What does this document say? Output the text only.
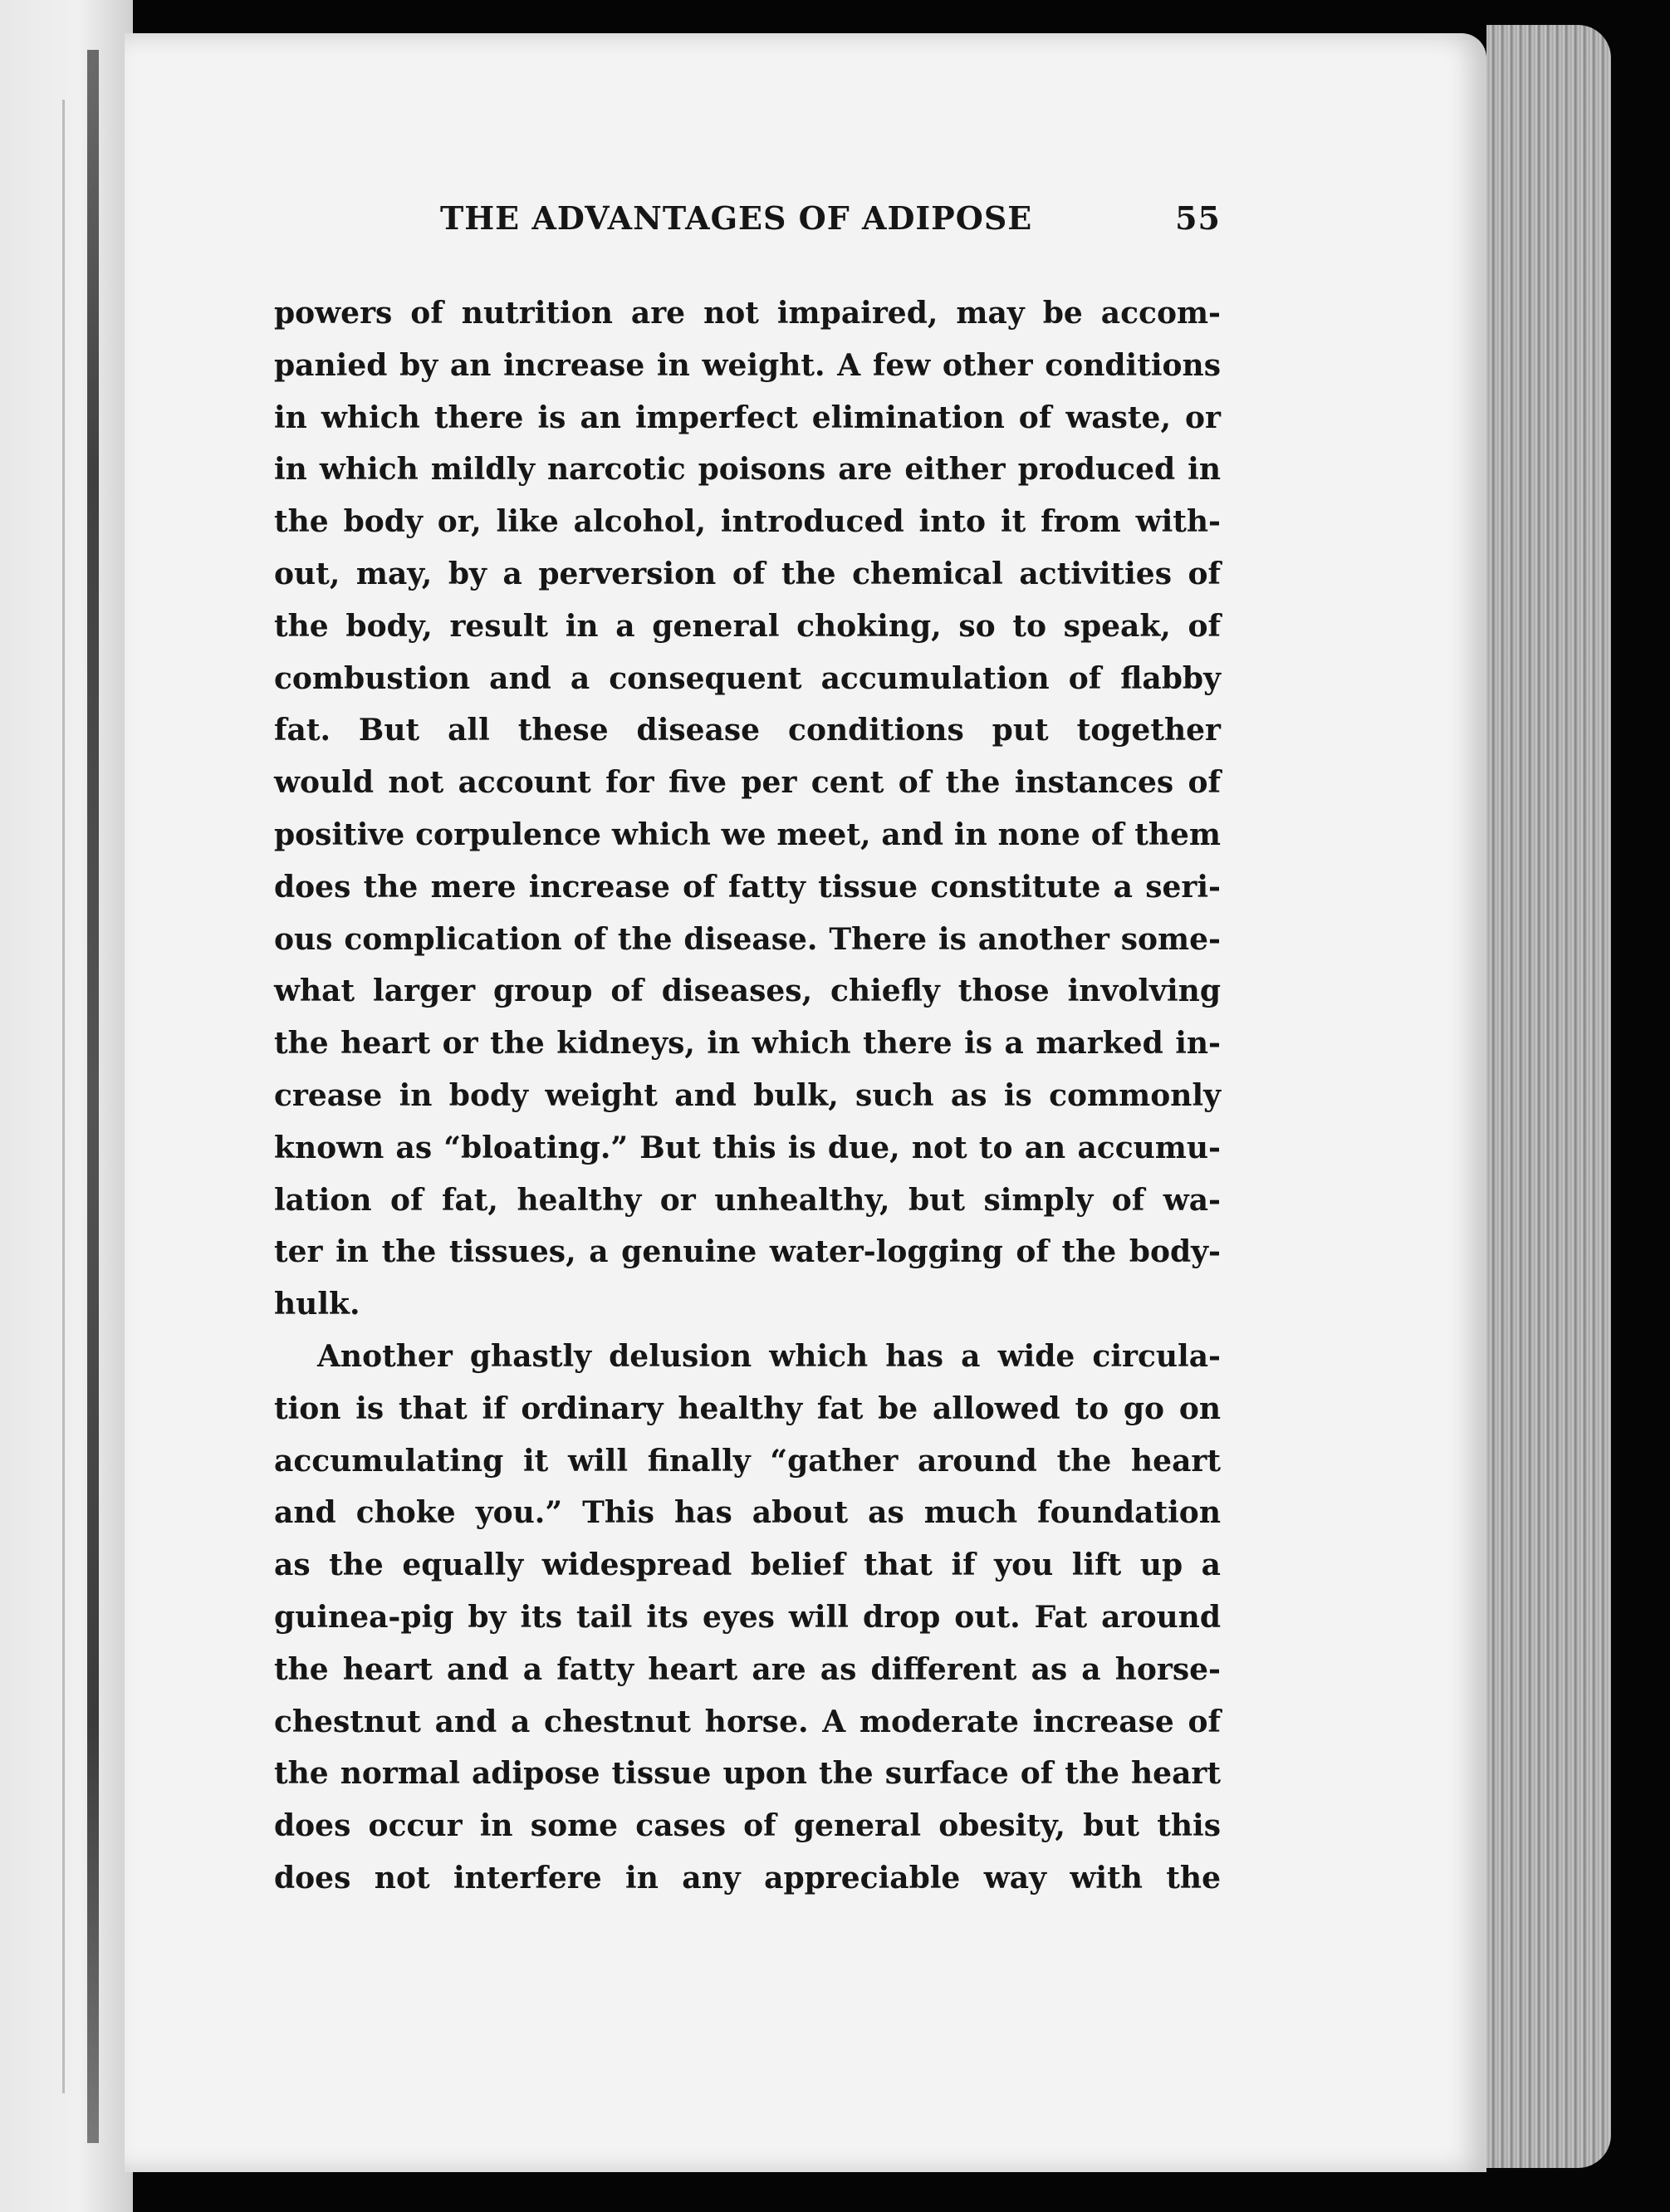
THE ADVANTAGES OF ADIPOSE	55
powers of nutrition are not impaired, may be accom-
panied by an increase in weight. A few other conditions
in which there is an imperfect elimination of waste, or
in which mildly narcotic poisons are either produced in
the body or, like alcohol, introduced into it from with-
out, may, by a perversion of the chemical activities of
the body, result in a general choking, so to speak, of
combustion and a consequent accumulation of flabby
fat. But all these disease conditions put together
would not account for five per cent of the instances of
positive corpulence which we meet, and in none of them
does the mere increase of fatty tissue constitute a seri-
ous complication of the disease. There is another some-
what larger group of diseases, chiefly those involving
the heart or the kidneys, in which there is a marked in-
crease in body weight and bulk, such as is commonly
known as “bloating.” But this is due, not to an accumu-
lation of fat, healthy or unhealthy, but simply of wa-
ter in the tissues, a genuine water-logging of the body-
hulk.
Another ghastly delusion which has a wide circula-
tion is that if ordinary healthy fat be allowed to go on
accumulating it will finally “gather around the heart
and choke you.” This has about as much foundation
as the equally widespread belief that if you lift up a
guinea-pig by its tail its eyes will drop out. Fat around
the heart and a fatty heart are as different as a horse-
chestnut and a chestnut horse. A moderate increase of
the normal adipose tissue upon the surface of the heart
does occur in some cases of general obesity, but this
does not interfere in any appreciable way with the
